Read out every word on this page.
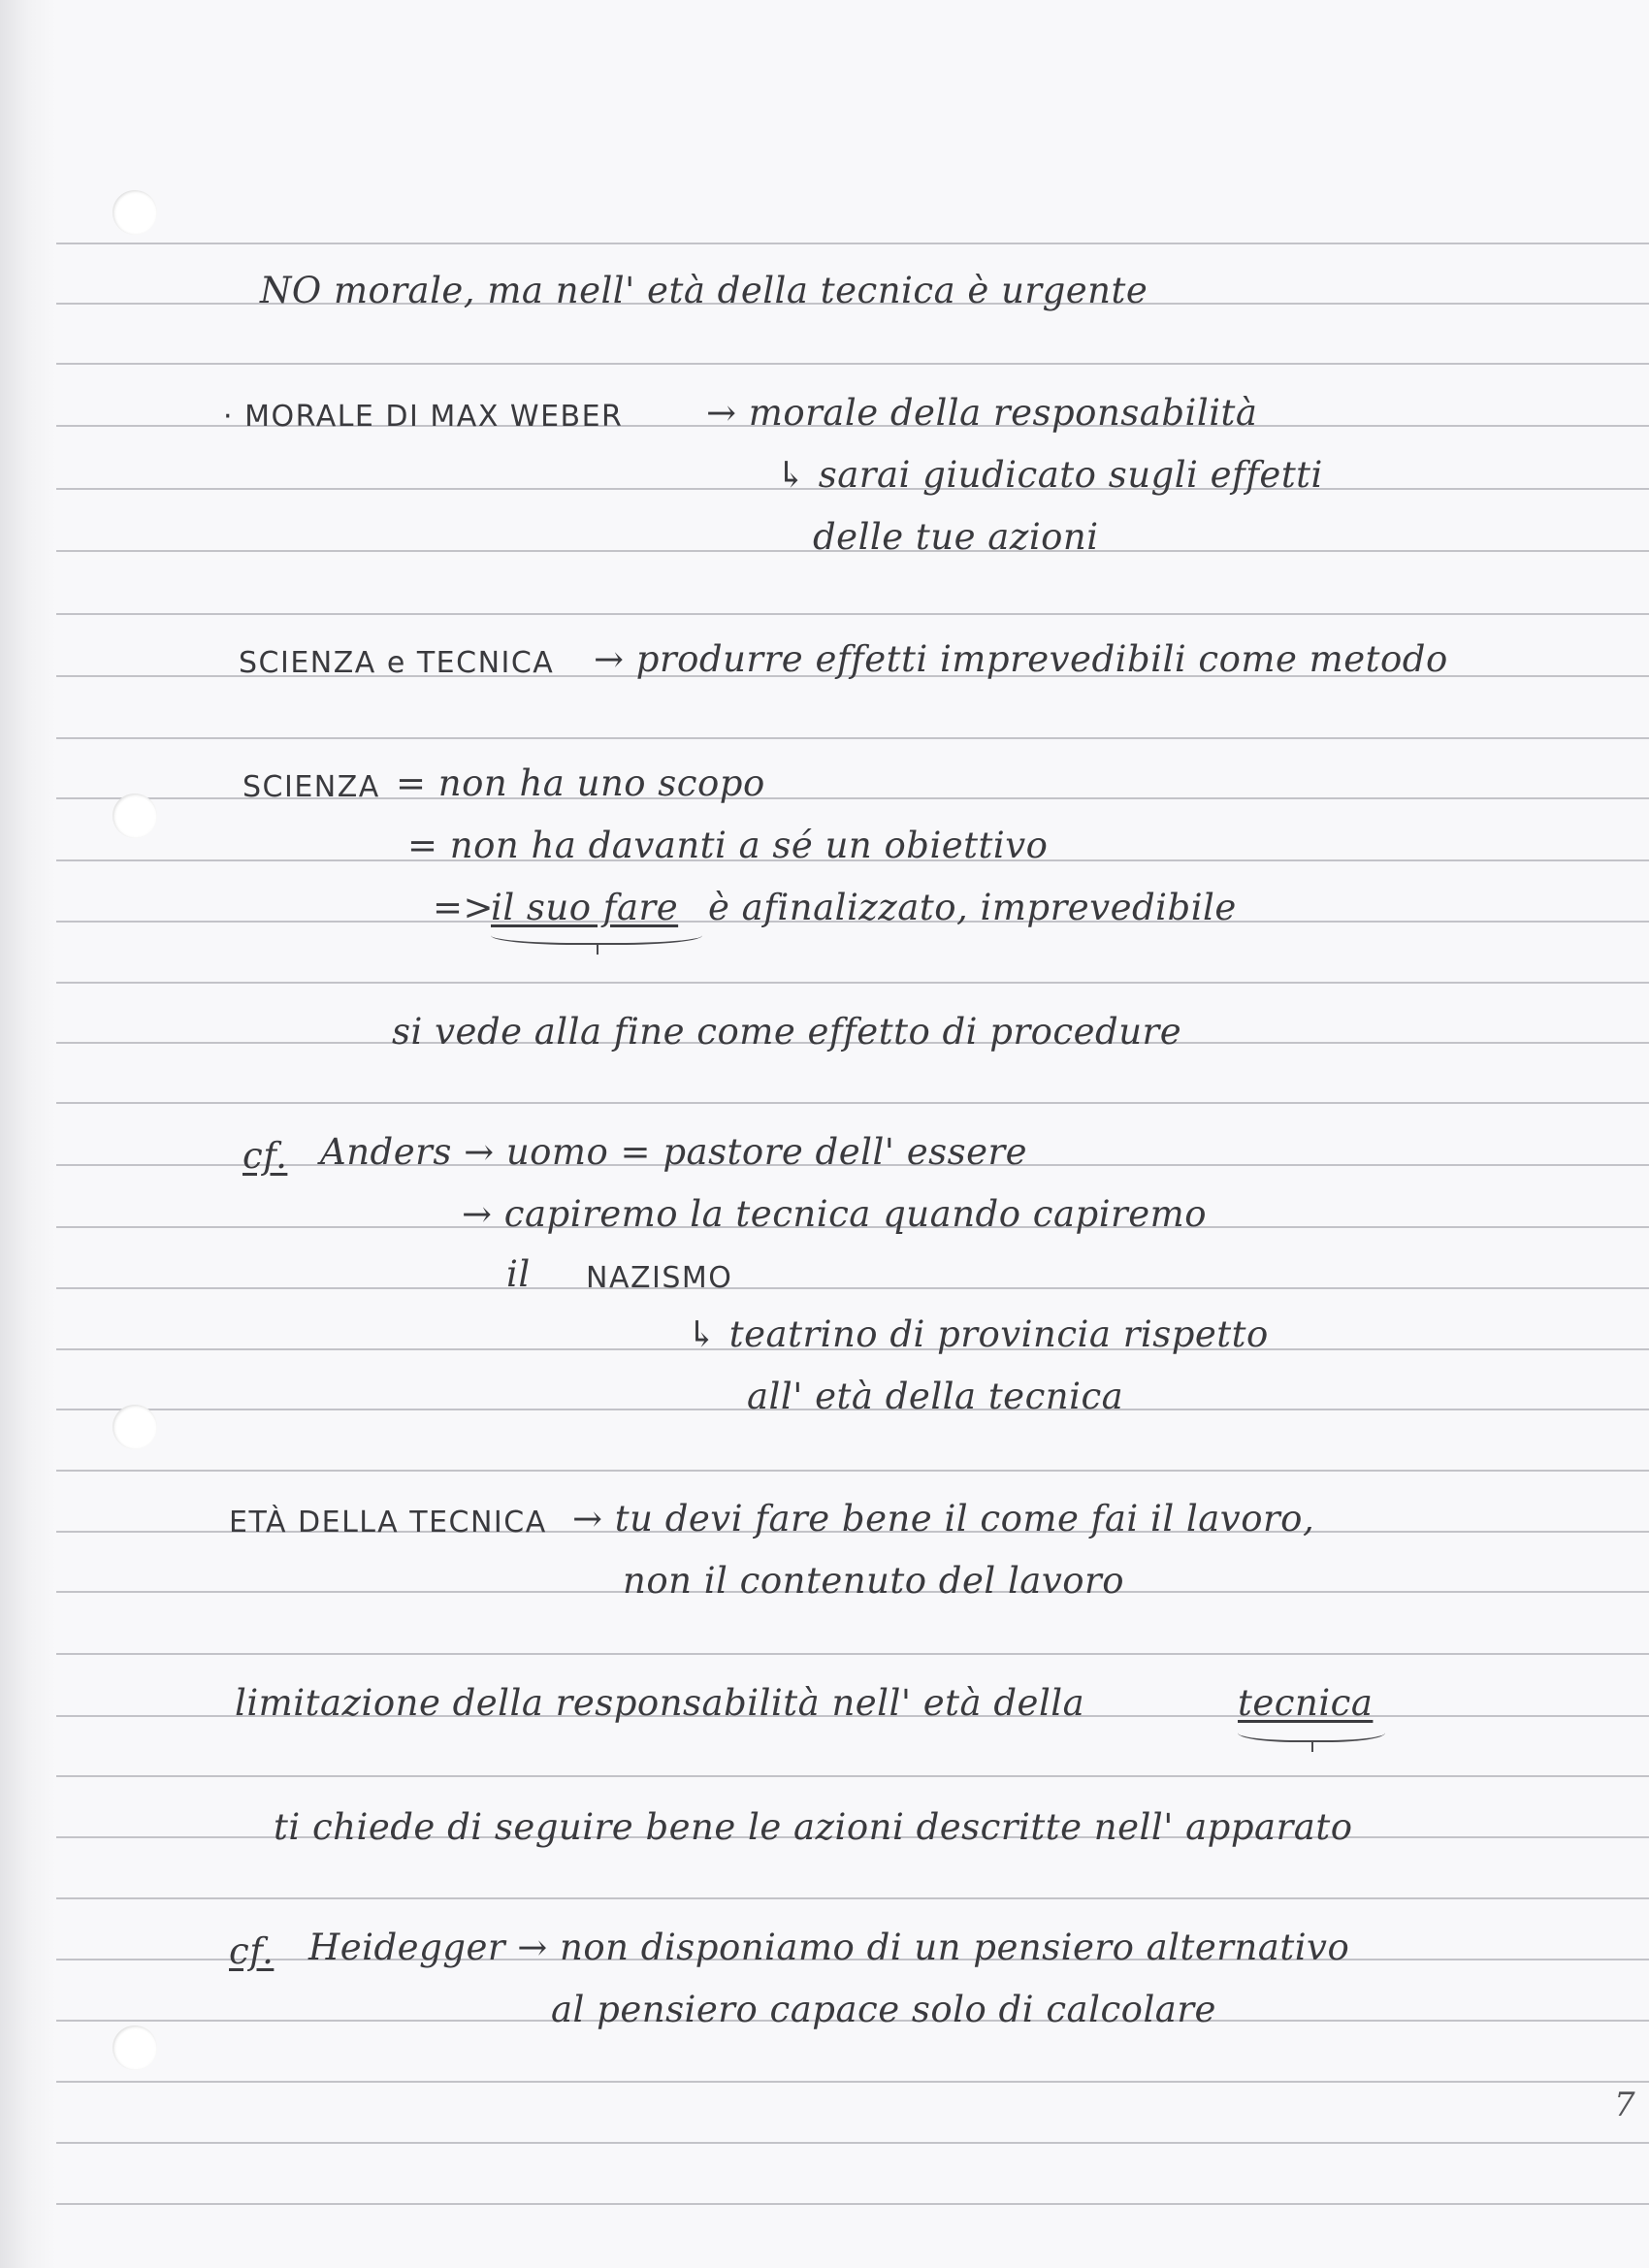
NO morale, ma nell' età della tecnica è urgente
· MORALE DI MAX WEBER → morale della responsabilità
↳ sarai giudicato sugli effetti
delle tue azioni
SCIENZA e TECNICA → produrre effetti imprevedibili come metodo
SCIENZA = non ha uno scopo
= non ha davanti a sé un obiettivo
=>
il suo fare è afinalizzato, imprevedibile
si vede alla fine come effetto di procedure
cf. Anders → uomo = pastore dell' essere
→ capiremo la tecnica quando capiremo
il NAZISMO
↳ teatrino di provincia rispetto
all' età della tecnica
ETÀ DELLA TECNICA → tu devi fare bene il come fai il lavoro,
non il contenuto del lavoro
limitazione della responsabilità nell' età della	tecnica
ti chiede di seguire bene le azioni descritte nell' apparato
cf. Heidegger → non disponiamo di un pensiero alternativo
al pensiero capace solo di calcolare
7
